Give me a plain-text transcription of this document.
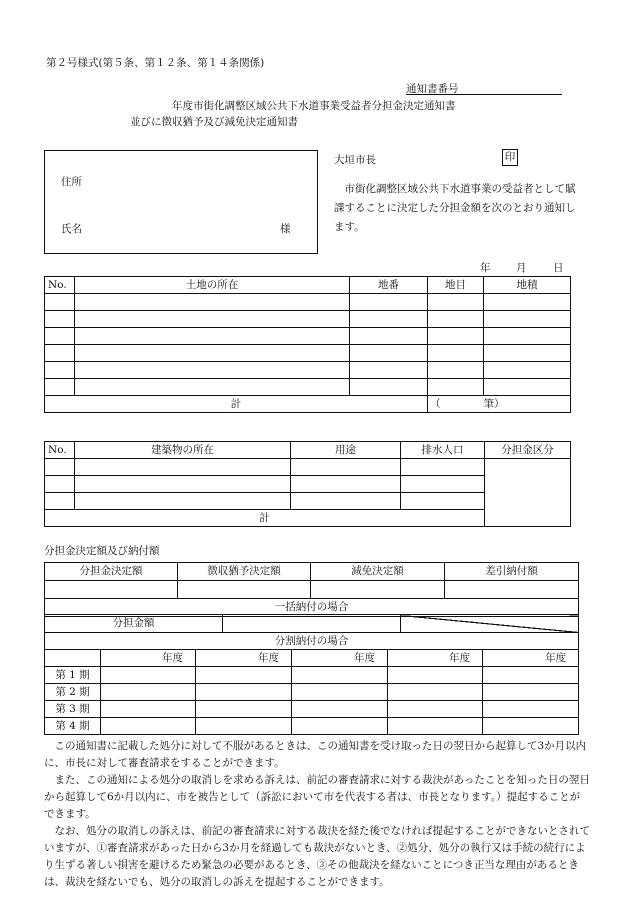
第２号様式(第５条、第１２条、第１４条関係)
通知書番号
年度市街化調整区域公共下水道事業受益者分担金決定通知書
並びに徴収猶予及び減免決定通知書
住所
氏名	様
大垣市長	印
市街化調整区域公共下水道事業の受益者として賦課することに決定した分担金額を次のとおり通知します。
年 月	日
No.	土地の所在	地番	地目	地積

計			（	筆）
No.	建築物の所在	用途	排水人口	分担金区分

計				
分担金決定額及び納付額
分担金決定額	徴収猶予決定額	減免決定額	差引納付額

一括納付の場合			
分担金額		
分割納付の場合					
	年度	年度	年度	年度	年度
第 1 期					
第 2 期					
第 3 期					
第 4 期					

この通知書に記載した処分に対して不服があるときは、この通知書を受け取った日の翌日から起算して3か月以内に、市長に対して審査請求をすることができます。

また、この通知による処分の取消しを求める訴えは、前記の審査請求に対する裁決があったことを知った日の翌日から起算して6か月以内に、市を被告として（訴訟において市を代表する者は、市長となります。）提起することができます。

なお、処分の取消しの訴えは、前記の審査請求に対する裁決を経た後でなければ提起することができないとされていますが、①審査請求があった日から3か月を経過しても裁決がないとき、②処分、処分の執行又は手続の続行により生ずる著しい損害を避けるため緊急の必要があるとき、③その他裁決を経ないことにつき正当な理由があるときは、裁決を経ないでも、処分の取消しの訴えを提起することができます。
